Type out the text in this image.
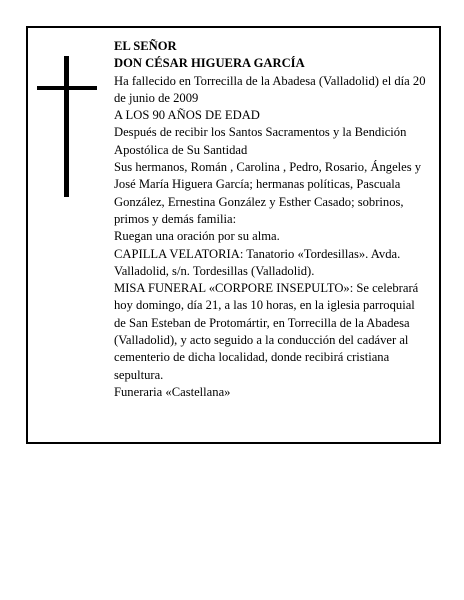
EL SEÑOR

DON CÉSAR HIGUERA GARCÍA

Ha fallecido en Torrecilla de la Abadesa (Valladolid) el día 20 de junio de 2009

A LOS 90 AÑOS DE EDAD

Después de recibir los Santos Sacramentos y la Bendición Apostólica de Su Santidad

Sus hermanos, Román , Carolina , Pedro, Rosario, Ángeles y José María Higuera García; hermanas políticas, Pascuala González, Ernestina González y Esther Casado; sobrinos, primos y demás familia:

Ruegan una oración por su alma.

CAPILLA VELATORIA: Tanatorio «Tordesillas». Avda. Valladolid, s/n. Tordesillas (Valladolid).

MISA FUNERAL «CORPORE INSEPULTO»: Se celebrará hoy domingo, día 21, a las 10 horas, en la iglesia parroquial de San Esteban de Protomártir, en Torrecilla de la Abadesa (Valladolid), y acto seguido a la conducción del cadáver al cementerio de dicha localidad, donde recibirá cristiana sepultura.

Funeraria «Castellana»
